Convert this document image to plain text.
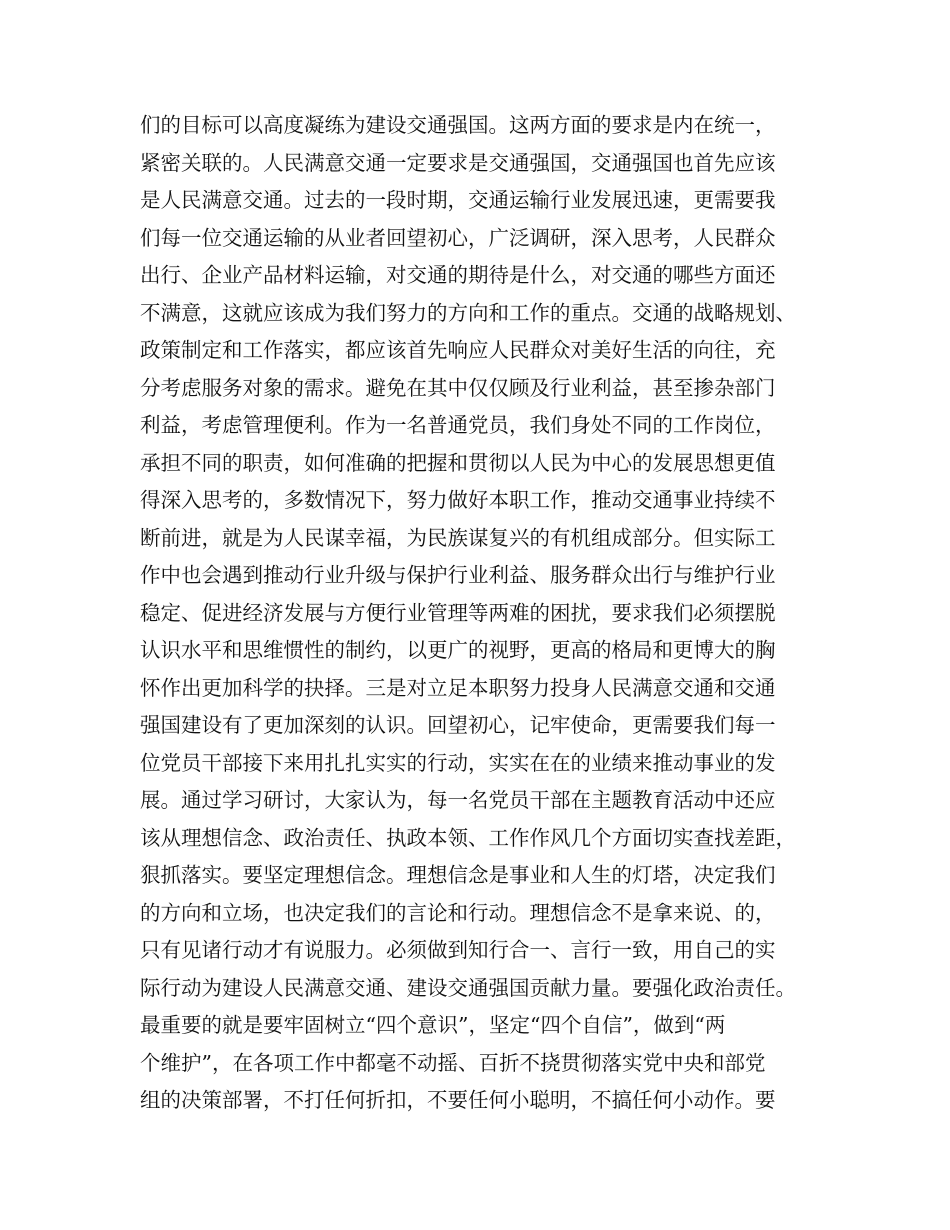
们的目标可以高度凝练为建设交通强国。这两方面的要求是内在统一，
紧密关联的。人民满意交通一定要求是交通强国，交通强国也首先应该
是人民满意交通。过去的一段时期，交通运输行业发展迅速，更需要我
们每一位交通运输的从业者回望初心，广泛调研，深入思考，人民群众
出行、企业产品材料运输，对交通的期待是什么，对交通的哪些方面还
不满意，这就应该成为我们努力的方向和工作的重点。交通的战略规划、
政策制定和工作落实，都应该首先响应人民群众对美好生活的向往，充
分考虑服务对象的需求。避免在其中仅仅顾及行业利益，甚至掺杂部门
利益，考虑管理便利。作为一名普通党员，我们身处不同的工作岗位，
承担不同的职责，如何准确的把握和贯彻以人民为中心的发展思想更值
得深入思考的，多数情况下，努力做好本职工作，推动交通事业持续不
断前进，就是为人民谋幸福，为民族谋复兴的有机组成部分。但实际工
作中也会遇到推动行业升级与保护行业利益、服务群众出行与维护行业
稳定、促进经济发展与方便行业管理等两难的困扰，要求我们必须摆脱
认识水平和思维惯性的制约，以更广的视野，更高的格局和更博大的胸
怀作出更加科学的抉择。三是对立足本职努力投身人民满意交通和交通
强国建设有了更加深刻的认识。回望初心，记牢使命，更需要我们每一
位党员干部接下来用扎扎实实的行动，实实在在的业绩来推动事业的发
展。通过学习研讨，大家认为，每一名党员干部在主题教育活动中还应
该从理想信念、政治责任、执政本领、工作作风几个方面切实查找差距，
狠抓落实。要坚定理想信念。理想信念是事业和人生的灯塔，决定我们
的方向和立场，也决定我们的言论和行动。理想信念不是拿来说、的，
只有见诸行动才有说服力。必须做到知行合一、言行一致，用自己的实
际行动为建设人民满意交通、建设交通强国贡献力量。要强化政治责任。
最重要的就是要牢固树立“四个意识”，坚定“四个自信”，做到“两
个维护”，在各项工作中都毫不动摇、百折不挠贯彻落实党中央和部党
组的决策部署，不打任何折扣，不要任何小聪明，不搞任何小动作。要
